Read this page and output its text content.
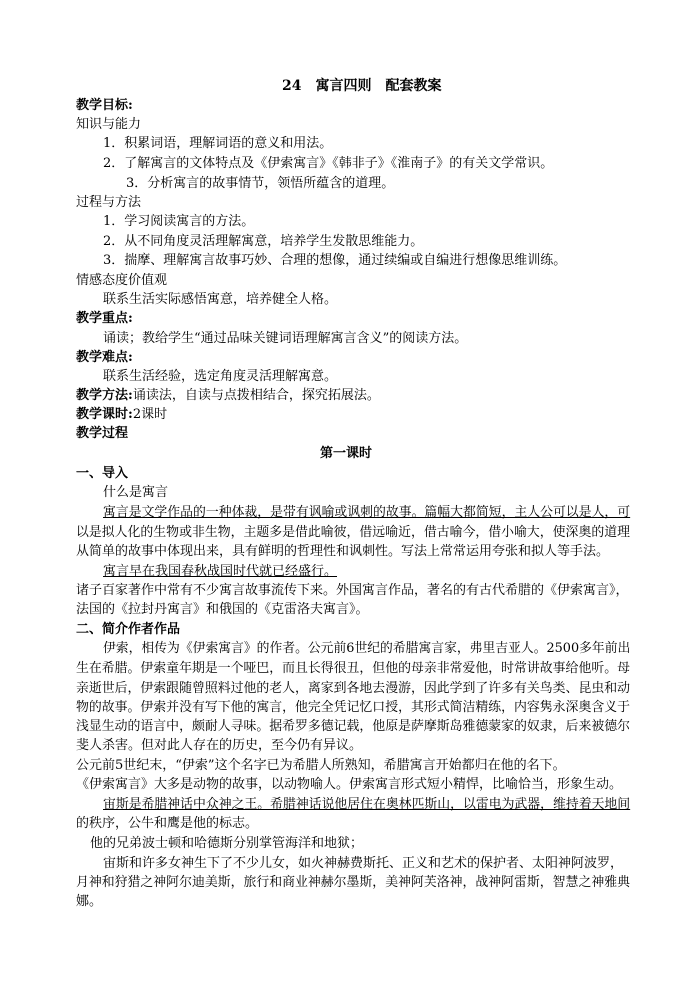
24　寓言四则　配套教案
教学目标:
知识与能力
1．积累词语，理解词语的意义和用法。
2．了解寓言的文体特点及《伊索寓言》《韩非子》《淮南子》的有关文学常识。
3．分析寓言的故事情节，领悟所蕴含的道理。
过程与方法
1．学习阅读寓言的方法。
2．从不同角度灵活理解寓意，培养学生发散思维能力。
3．揣摩、理解寓言故事巧妙、合理的想像，通过续编或自编进行想像思维训练。
情感态度价值观
联系生活实际感悟寓意，培养健全人格。
教学重点:
诵读；教给学生“通过品味关键词语理解寓言含义”的阅读方法。
教学难点:
联系生活经验，选定角度灵活理解寓意。
教学方法:诵读法，自读与点拨相结合，探究拓展法。
教学课时:2课时
教学过程
第一课时
一、导入
什么是寓言
寓言是文学作品的一种体裁，是带有讽喻或讽刺的故事。篇幅大都简短，主人公可以是人，可
以是拟人化的生物或非生物，主题多是借此喻彼，借远喻近，借古喻今，借小喻大，使深奥的道理
从简单的故事中体现出来，具有鲜明的哲理性和讽刺性。写法上常常运用夸张和拟人等手法。
寓言早在我国春秋战国时代就已经盛行。
诸子百家著作中常有不少寓言故事流传下来。外国寓言作品，著名的有古代希腊的《伊索寓言》，
法国的《拉封丹寓言》和俄国的《克雷洛夫寓言》。
二、简介作者作品
伊索，相传为《伊索寓言》的作者。公元前6世纪的希腊寓言家，弗里吉亚人。2500多年前出
生在希腊。伊索童年期是一个哑巴，而且长得很丑，但他的母亲非常爱他，时常讲故事给他听。母
亲逝世后，伊索跟随曾照料过他的老人，离家到各地去漫游，因此学到了许多有关鸟类、昆虫和动
物的故事。伊索并没有写下他的寓言，他完全凭记忆口授，其形式简洁精练，内容隽永深奥含义于
浅显生动的语言中，颇耐人寻味。据希罗多德记载，他原是萨摩斯岛雅德蒙家的奴隶，后来被德尔
斐人杀害。但对此人存在的历史，至今仍有异议。
公元前5世纪末，“伊索”这个名字已为希腊人所熟知，希腊寓言开始都归在他的名下。
《伊索寓言》大多是动物的故事，以动物喻人。伊索寓言形式短小精悍，比喻恰当，形象生动。
宙斯是希腊神话中众神之王。希腊神话说他居住在奥林匹斯山，以雷电为武器，维持着天地间
的秩序，公牛和鹰是他的标志。
他的兄弟波士顿和哈德斯分别掌管海洋和地狱；
宙斯和许多女神生下了不少儿女，如火神赫费斯托、正义和艺术的保护者、太阳神阿波罗，
月神和狩猎之神阿尔迪美斯，旅行和商业神赫尔墨斯，美神阿芙洛神，战神阿雷斯，智慧之神雅典
娜。
